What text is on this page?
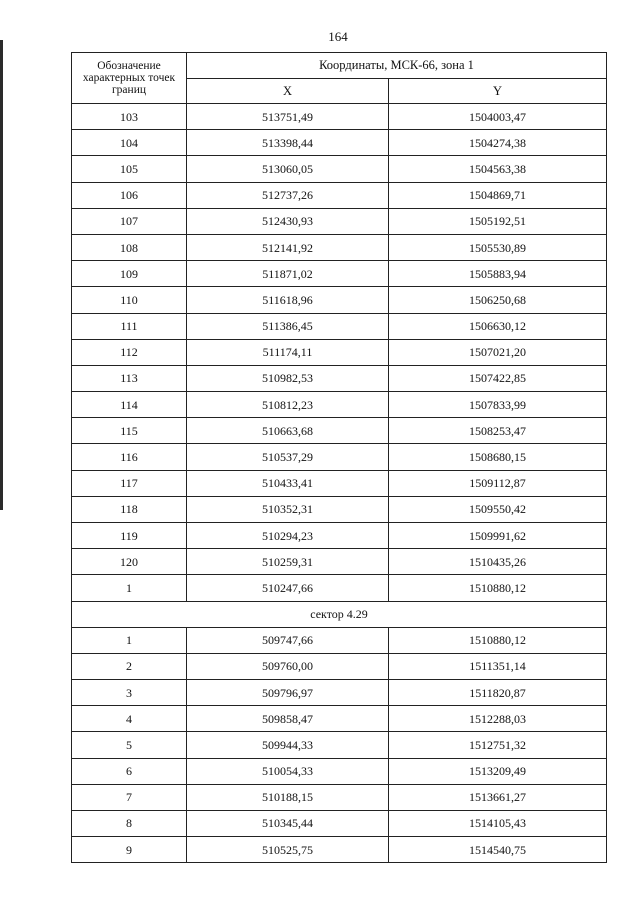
164
Обозначение характерных точек границ	Координаты, МСК-66, зона 1	
	X	Y
103	513751,49	1504003,47
104	513398,44	1504274,38
105	513060,05	1504563,38
106	512737,26	1504869,71
107	512430,93	1505192,51
108	512141,92	1505530,89
109	511871,02	1505883,94
110	511618,96	1506250,68
111	511386,45	1506630,12
112	511174,11	1507021,20
113	510982,53	1507422,85
114	510812,23	1507833,99
115	510663,68	1508253,47
116	510537,29	1508680,15
117	510433,41	1509112,87
118	510352,31	1509550,42
119	510294,23	1509991,62
120	510259,31	1510435,26
1	510247,66	1510880,12
сектор 4.29		
1	509747,66	1510880,12
2	509760,00	1511351,14
3	509796,97	1511820,87
4	509858,47	1512288,03
5	509944,33	1512751,32
6	510054,33	1513209,49
7	510188,15	1513661,27
8	510345,44	1514105,43
9	510525,75	1514540,75
